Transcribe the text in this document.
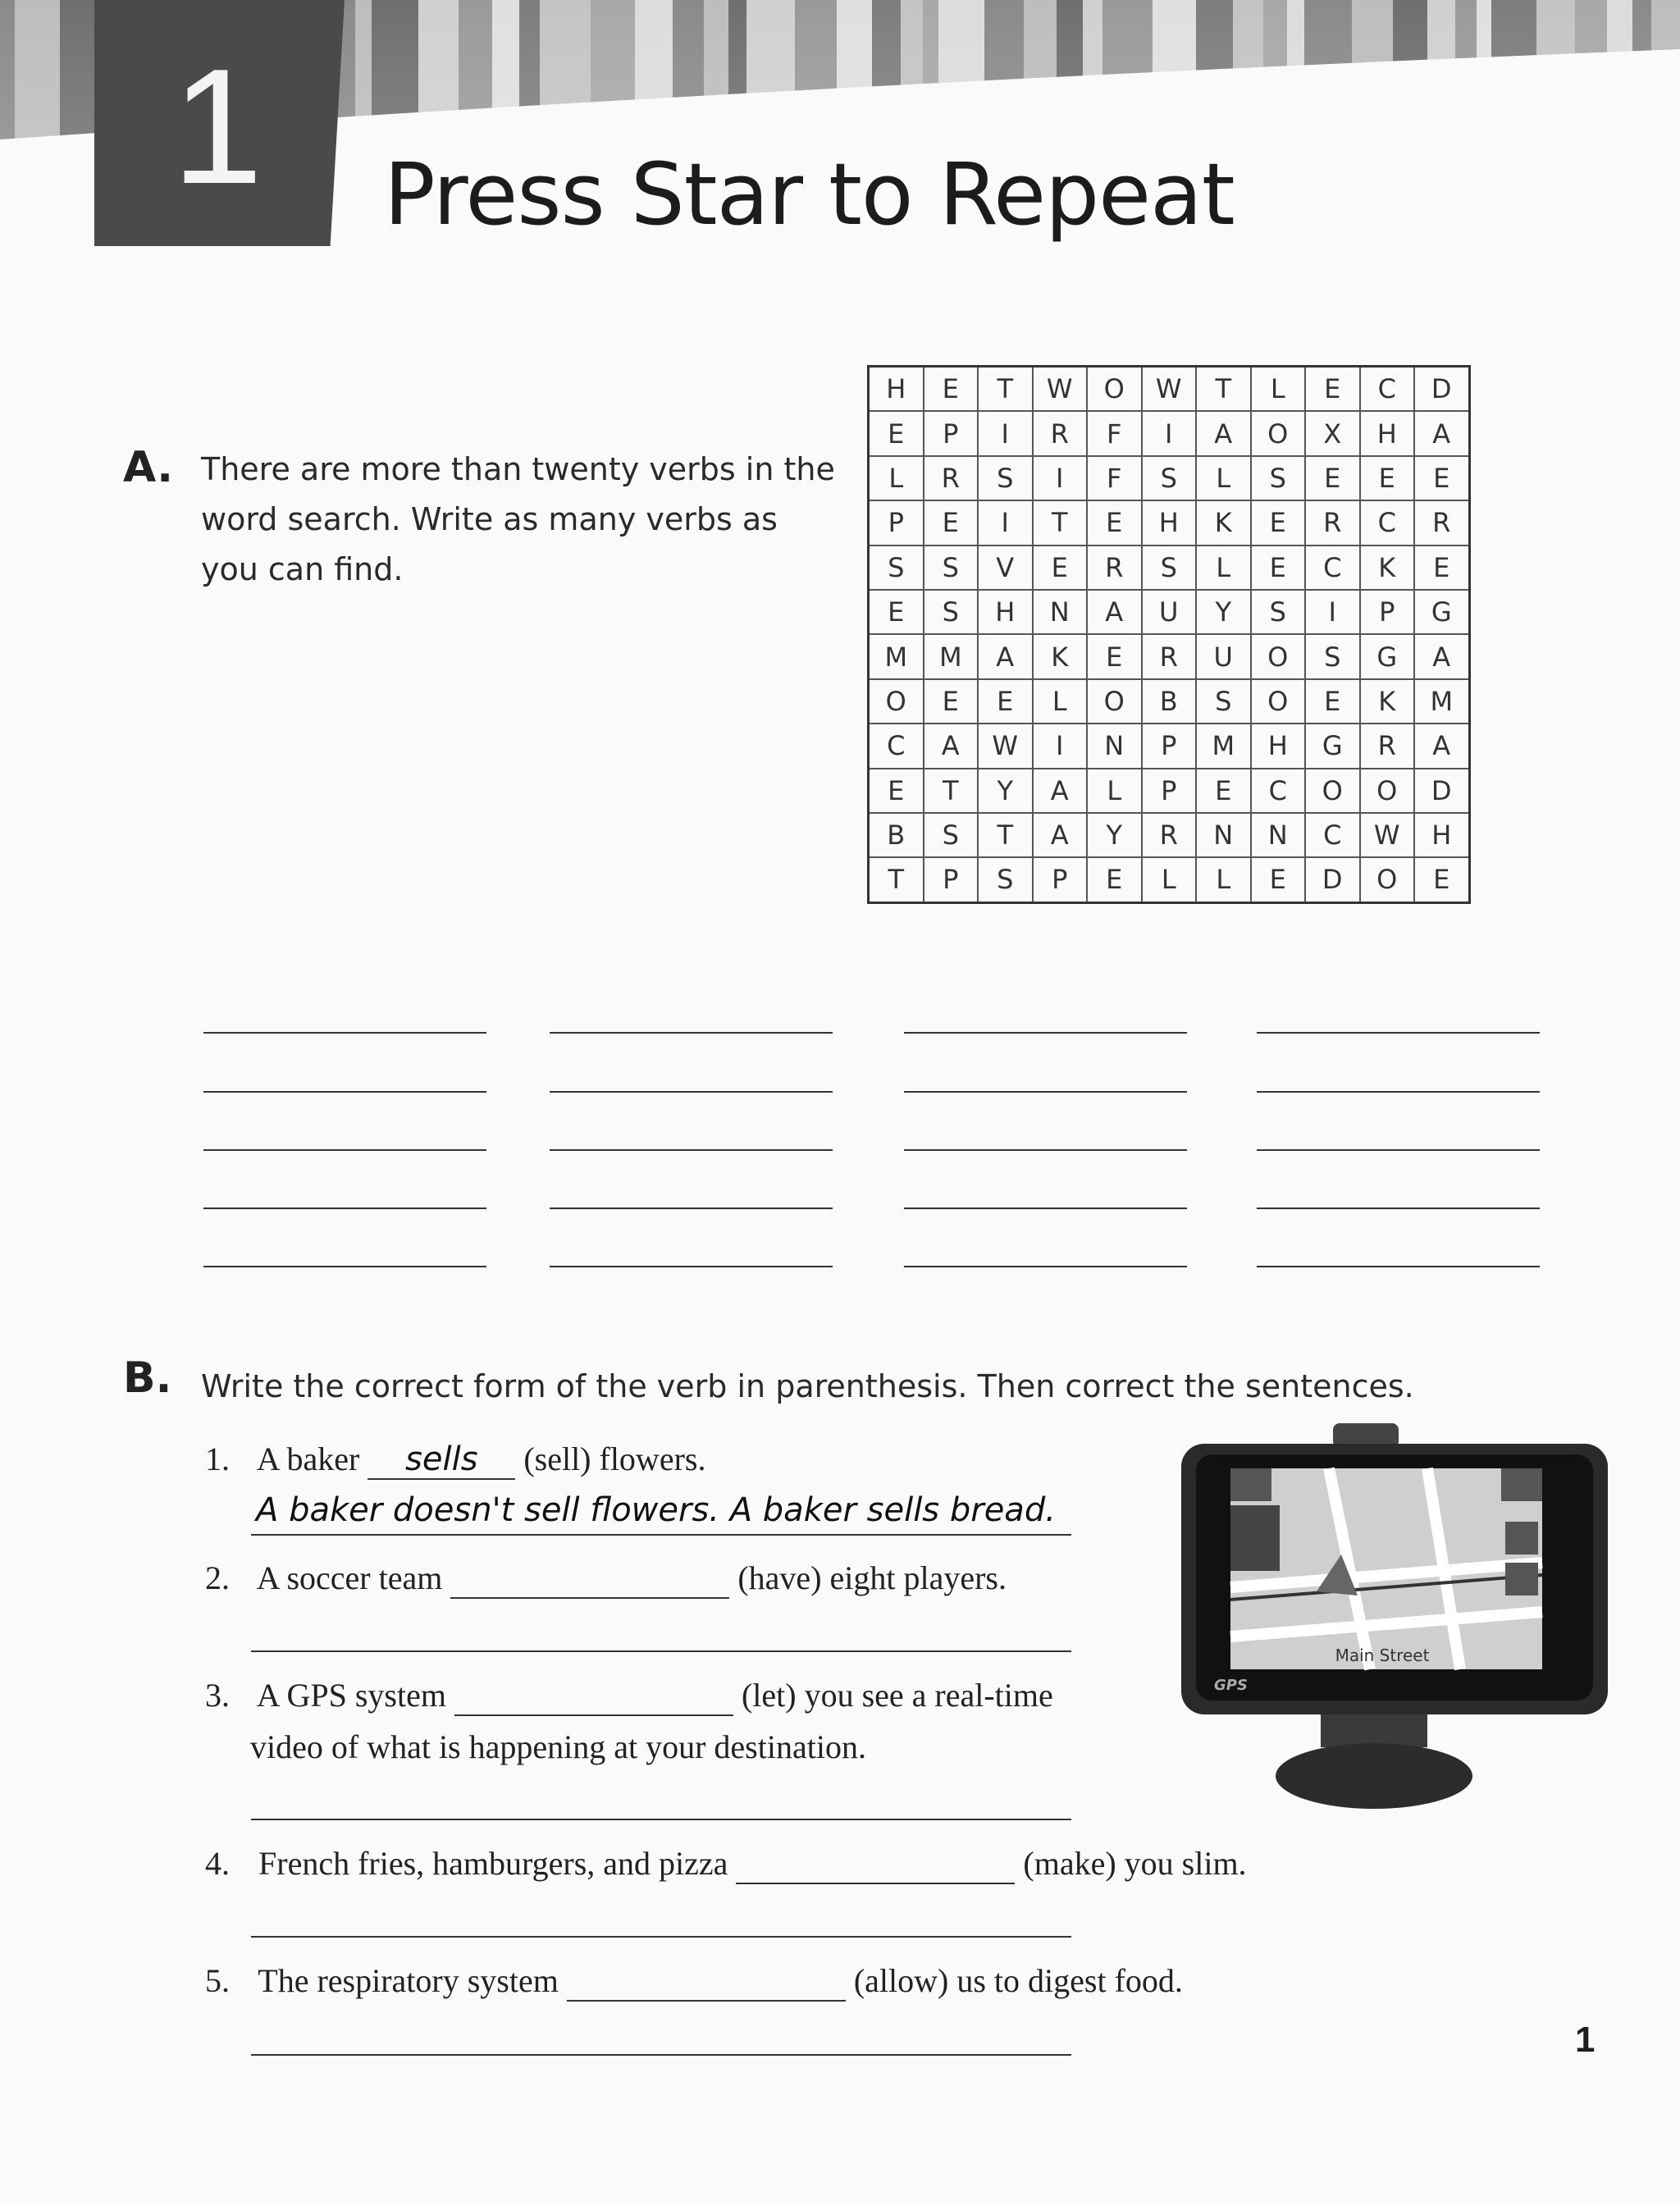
1 Press Star to Repeat
A. There are more than twenty verbs in the
word search. Write as many verbs as
you can find.
H	E	T	W	O	W	T	L	E	C	D
E	P	I	R	F	I	A	O	X	H	A
L	R	S	I	F	S	L	S	E	E	E
P	E	I	T	E	H	K	E	R	C	R
S	S	V	E	R	S	L	E	C	K	E
E	S	H	N	A	U	Y	S	I	P	G
M	M	A	K	E	R	U	O	S	G	A
O	E	E	L	O	B	S	O	E	K	M
C	A	W	I	N	P	M	H	G	R	A
E	T	Y	A	L	P	E	C	O	O	D
B	S	T	A	Y	R	N	N	C	W	H
T	P	S	P	E	L	L	E	D	O	E
B. Write the correct form of the verb in parenthesis. Then correct the sentences.
1. A baker sells (sell) flowers.
A baker doesn't sell flowers. A baker sells bread.
2. A soccer team	(have) eight players.
3. A GPS system	(let) you see a real-time
video of what is happening at your destination.
4. French fries, hamburgers, and pizza	(make) you slim.
5. The respiratory system	(allow) us to digest food.
Main Street
GPS
1
